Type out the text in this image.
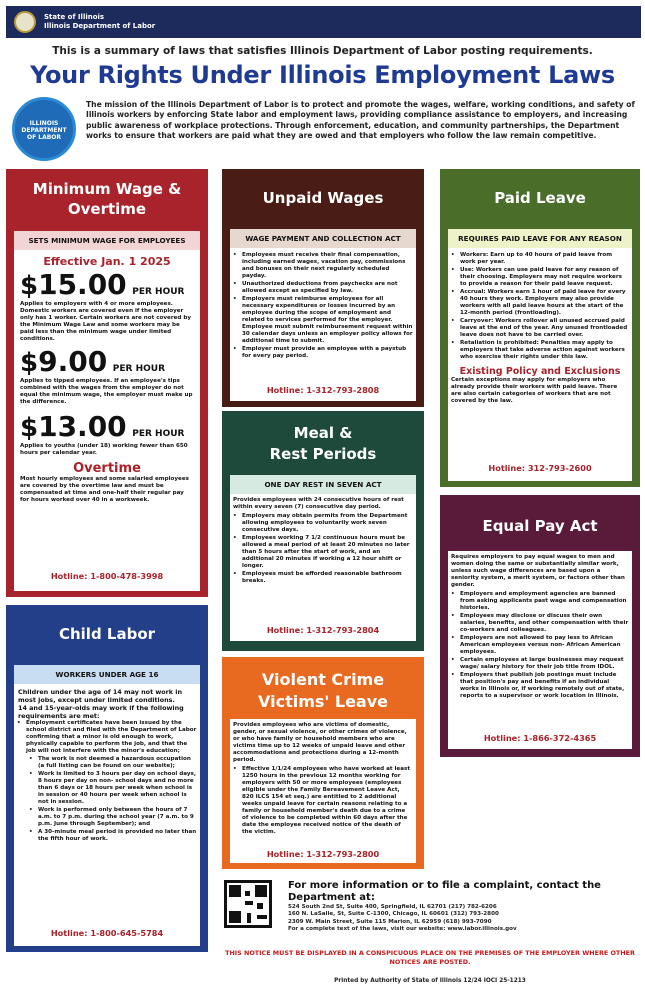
State of Illinois
Illinois Department of Labor
This is a summary of laws that satisfies Illinois Department of Labor posting requirements.
Your Rights Under Illinois Employment Laws
ILLINOIS
DEPARTMENT
OF LABOR
The mission of the Illinois Department of Labor is to protect and promote the wages, welfare, working conditions, and safety of Illinois workers by enforcing State labor and employment laws, providing compliance assistance to employers, and increasing public awareness of workplace protections. Through enforcement, education, and community partnerships, the Department works to ensure that workers are paid what they are owed and that employers who follow the law remain competitive.
Minimum Wage & Overtime
SETS MINIMUM WAGE FOR EMPLOYEES
Effective Jan. 1 2025
$15.00 PER HOUR
Applies to employers with 4 or more employees. Domestic workers are covered even if the employer only has 1 worker. Certain workers are not covered by the Minimum Wage Law and some workers may be paid less than the minimum wage under limited conditions.
$9.00 PER HOUR
Applies to tipped employees. If an employee's tips combined with the wages from the employer do not equal the minimum wage, the employer must make up the difference.
$13.00 PER HOUR
Applies to youths (under 18) working fewer than 650 hours per calendar year.
Overtime
Most hourly employees and some salaried employees are covered by the overtime law and must be compensated at time and one-half their regular pay for hours worked over 40 in a workweek.
Hotline: 1-800-478-3998
Unpaid Wages
WAGE PAYMENT AND COLLECTION ACT
• Employees must receive their final compensation, including earned wages, vacation pay, commissions and bonuses on their next regularly scheduled payday.
• Unauthorized deductions from paychecks are not allowed except as specified by law.
• Employers must reimburse employees for all necessary expenditures or losses incurred by an employee during the scope of employment and related to services performed for the employer. Employee must submit reimbursement request within 30 calendar days unless an employer policy allows for additional time to submit.
• Employer must provide an employee with a paystub for every pay period.
Hotline: 1-312-793-2808
Meal &
Rest Periods
ONE DAY REST IN SEVEN ACT
Provides employees with 24 consecutive hours of rest within every seven (7) consecutive day period.
• Employers may obtain permits from the Department allowing employees to voluntarily work seven consecutive days.
• Employees working 7 1/2 continuous hours must be allowed a meal period of at least 20 minutes no later than 5 hours after the start of work, and an additional 20 minutes if working a 12 hour shift or longer.
• Employees must be afforded reasonable bathroom breaks.
Hotline: 1-312-793-2804
Violent Crime
Victims' Leave
Provides employees who are victims of domestic, gender, or sexual violence, or other crimes of violence, or who have family or household members who are victims time up to 12 weeks of unpaid leave and other accommodations and protections during a 12-month period.
• Effective 1/1/24 employees who have worked at least 1250 hours in the previous 12 months working for employers with 50 or more employees (employees eligible under the Family Bereavement Leave Act, 820 ILCS 154 et seq.) are entitled to 2 additional weeks unpaid leave for certain reasons relating to a family or household member's death due to a crime of violence to be completed within 60 days after the date the employee received notice of the death of the victim.
Hotline: 1-312-793-2800
Paid Leave
REQUIRES PAID LEAVE FOR ANY REASON
• Workers: Earn up to 40 hours of paid leave from work per year.
• Use: Workers can use paid leave for any reason of their choosing. Employers may not require workers to provide a reason for their paid leave request.
• Accrual: Workers earn 1 hour of paid leave for every 40 hours they work. Employers may also provide workers with all paid leave hours at the start of the 12-month period (frontloading).
• Carryover: Workers rollover all unused accrued paid leave at the end of the year. Any unused frontloaded leave does not have to be carried over.
• Retaliation is prohibited: Penalties may apply to employers that take adverse action against workers who exercise their rights under this law.
Existing Policy and Exclusions
Certain exceptions may apply for employers who already provide their workers with paid leave. There are also certain categories of workers that are not covered by the law.
Hotline: 312-793-2600
Equal Pay Act
Requires employers to pay equal wages to men and women doing the same or substantially similar work, unless such wage differences are based upon a seniority system, a merit system, or factors other than gender.
• Employers and employment agencies are banned from asking applicants past wage and compensation histories.
• Employees may disclose or discuss their own salaries, benefits, and other compensation with their co-workers and colleagues.
• Employers are not allowed to pay less to African American employees versus non- African American employees.
• Certain employees at large businesses may request wage/ salary history for their job title from IDOL.
• Employers that publish job postings must include that position's pay and benefits if an individual works in Illinois or, if working remotely out of state, reports to a supervisor or work location in Illinois.
Hotline: 1-866-372-4365
Child Labor
WORKERS UNDER AGE 16
Children under the age of 14 may not work in most jobs, except under limited conditions.
14 and 15-year-olds may work if the following requirements are met:
• Employment certificates have been issued by the school district and filed with the Department of Labor confirming that a minor is old enough to work, physically capable to perform the job, and that the job will not interfere with the minor's education;
• The work is not deemed a hazardous occupation (a full listing can be found on our website);
• Work is limited to 3 hours per day on school days, 8 hours per day on non- school days and no more than 6 days or 18 hours per week when school is in session or 40 hours per week when school is not in session.
• Work is performed only between the hours of 7 a.m. to 7 p.m. during the school year (7 a.m. to 9 p.m. June through September); and
• A 30-minute meal period is provided no later than the fifth hour of work.
Hotline: 1-800-645-5784
For more information or to file a complaint, contact the Department at:
524 South 2nd St, Suite 400, Springfield, IL 62701 (217) 782-6206
160 N. LaSalle, St, Suite C-1300, Chicago, IL 60601 (312) 793-2800
2309 W. Main Street, Suite 115 Marion, IL 62959 (618) 993-7090
For a complete text of the laws, visit our website: www.labor.illinois.gov
THIS NOTICE MUST BE DISPLAYED IN A CONSPICUOUS PLACE ON THE PREMISES OF THE EMPLOYER WHERE OTHER NOTICES ARE POSTED.
Printed by Authority of State of Illinois 12/24 IOCI 25-1213
